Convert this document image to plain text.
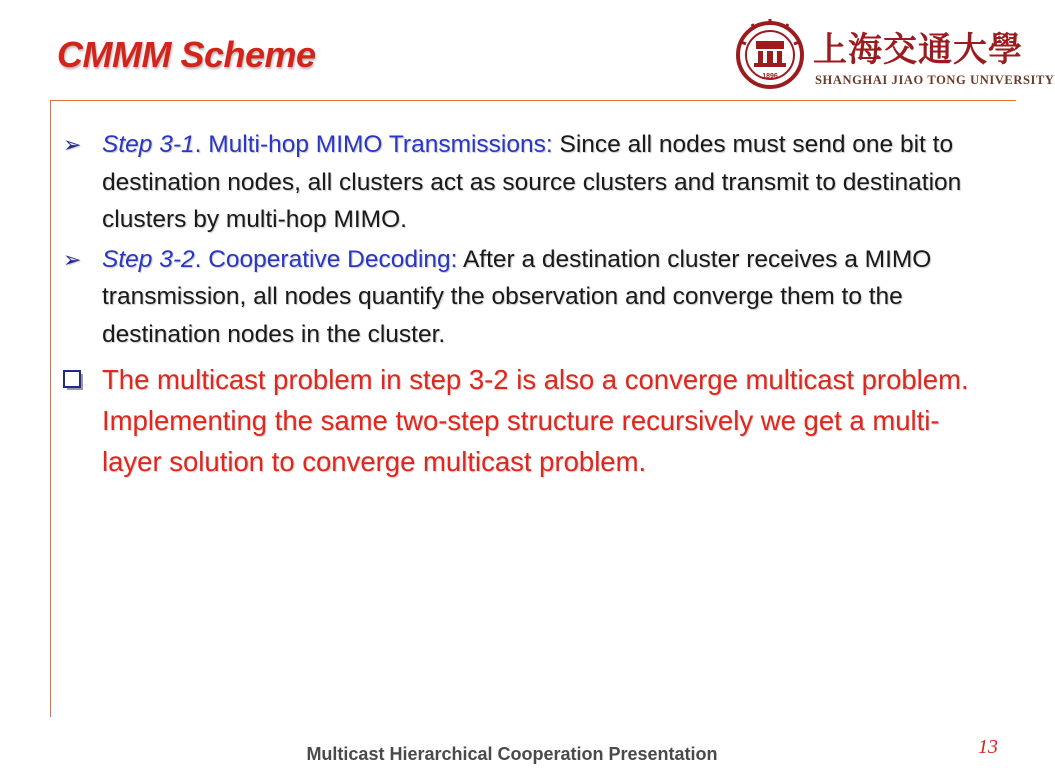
CMMM Scheme
1896
上海交通大學
SHANGHAI JIAO TONG UNIVERSITY
➢ Step 3-1. Multi-hop MIMO Transmissions: Since all nodes must send one bit to destination nodes, all clusters act as source clusters and transmit to destination clusters by multi-hop MIMO.
➢ Step 3-2. Cooperative Decoding: After a destination cluster receives a MIMO transmission, all nodes quantify the observation and converge them to the destination nodes in the cluster.
The multicast problem in step 3-2 is also a converge multicast problem. Implementing the same two-step structure recursively we get a multi-layer solution to converge multicast problem.
Multicast Hierarchical Cooperation Presentation	13
